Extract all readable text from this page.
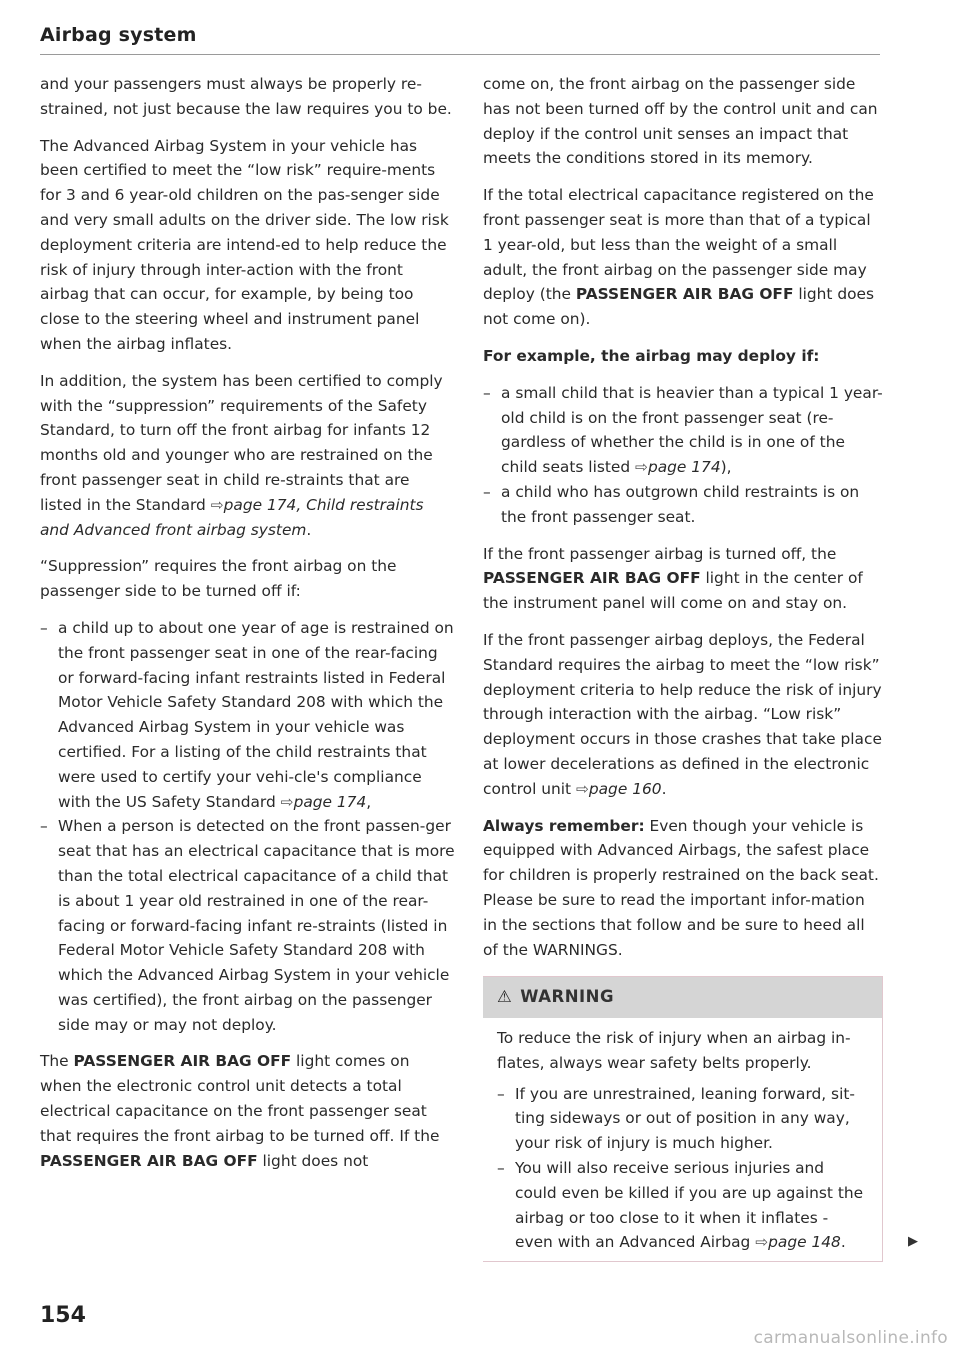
Airbag system

and your passengers must always be properly re-strained, not just because the law requires you to be.

The Advanced Airbag System in your vehicle has been certified to meet the “low risk” require-ments for 3 and 6 year-old children on the pas-senger side and very small adults on the driver side. The low risk deployment criteria are intend-ed to help reduce the risk of injury through inter-action with the front airbag that can occur, for example, by being too close to the steering wheel and instrument panel when the airbag inflates.

In addition, the system has been certified to comply with the “suppression” requirements of the Safety Standard, to turn off the front airbag for infants 12 months old and younger who are restrained on the front passenger seat in child re-straints that are listed in the Standard ⇨page 174, Child restraints and Advanced front airbag system.

“Suppression” requires the front airbag on the passenger side to be turned off if:

– a child up to about one year of age is restrained on the front passenger seat in one of the rear-facing or forward-facing infant restraints listed in Federal Motor Vehicle Safety Standard 208 with which the Advanced Airbag System in your vehicle was certified. For a listing of the child restraints that were used to certify your vehi-cle's compliance with the US Safety Standard ⇨page 174,
– When a person is detected on the front passen-ger seat that has an electrical capacitance that is more than the total electrical capacitance of a child that is about 1 year old restrained in one of the rear-facing or forward-facing infant re-straints (listed in Federal Motor Vehicle Safety Standard 208 with which the Advanced Airbag System in your vehicle was certified), the front airbag on the passenger side may or may not deploy.

The PASSENGER AIR BAG OFF light comes on when the electronic control unit detects a total electrical capacitance on the front passenger seat that requires the front airbag to be turned off. If the PASSENGER AIR BAG OFF light does not

come on, the front airbag on the passenger side has not been turned off by the control unit and can deploy if the control unit senses an impact that meets the conditions stored in its memory.

If the total electrical capacitance registered on the front passenger seat is more than that of a typical 1 year-old, but less than the weight of a small adult, the front airbag on the passenger side may deploy (the PASSENGER AIR BAG OFF light does not come on).

For example, the airbag may deploy if:

– a small child that is heavier than a typical 1 year-old child is on the front passenger seat (re-gardless of whether the child is in one of the child seats listed ⇨page 174),
– a child who has outgrown child restraints is on the front passenger seat.

If the front passenger airbag is turned off, the PASSENGER AIR BAG OFF light in the center of the instrument panel will come on and stay on.

If the front passenger airbag deploys, the Federal Standard requires the airbag to meet the “low risk” deployment criteria to help reduce the risk of injury through interaction with the airbag. “Low risk” deployment occurs in those crashes that take place at lower decelerations as defined in the electronic control unit ⇨page 160.

Always remember: Even though your vehicle is equipped with Advanced Airbags, the safest place for children is properly restrained on the back seat. Please be sure to read the important infor-mation in the sections that follow and be sure to heed all of the WARNINGS.

⚠ WARNING

To reduce the risk of injury when an airbag in-flates, always wear safety belts properly.

– If you are unrestrained, leaning forward, sit-ting sideways or out of position in any way, your risk of injury is much higher.
– You will also receive serious injuries and could even be killed if you are up against the airbag or too close to it when it inflates - even with an Advanced Airbag ⇨page 148.	▶
154
carmanualsonline.info
